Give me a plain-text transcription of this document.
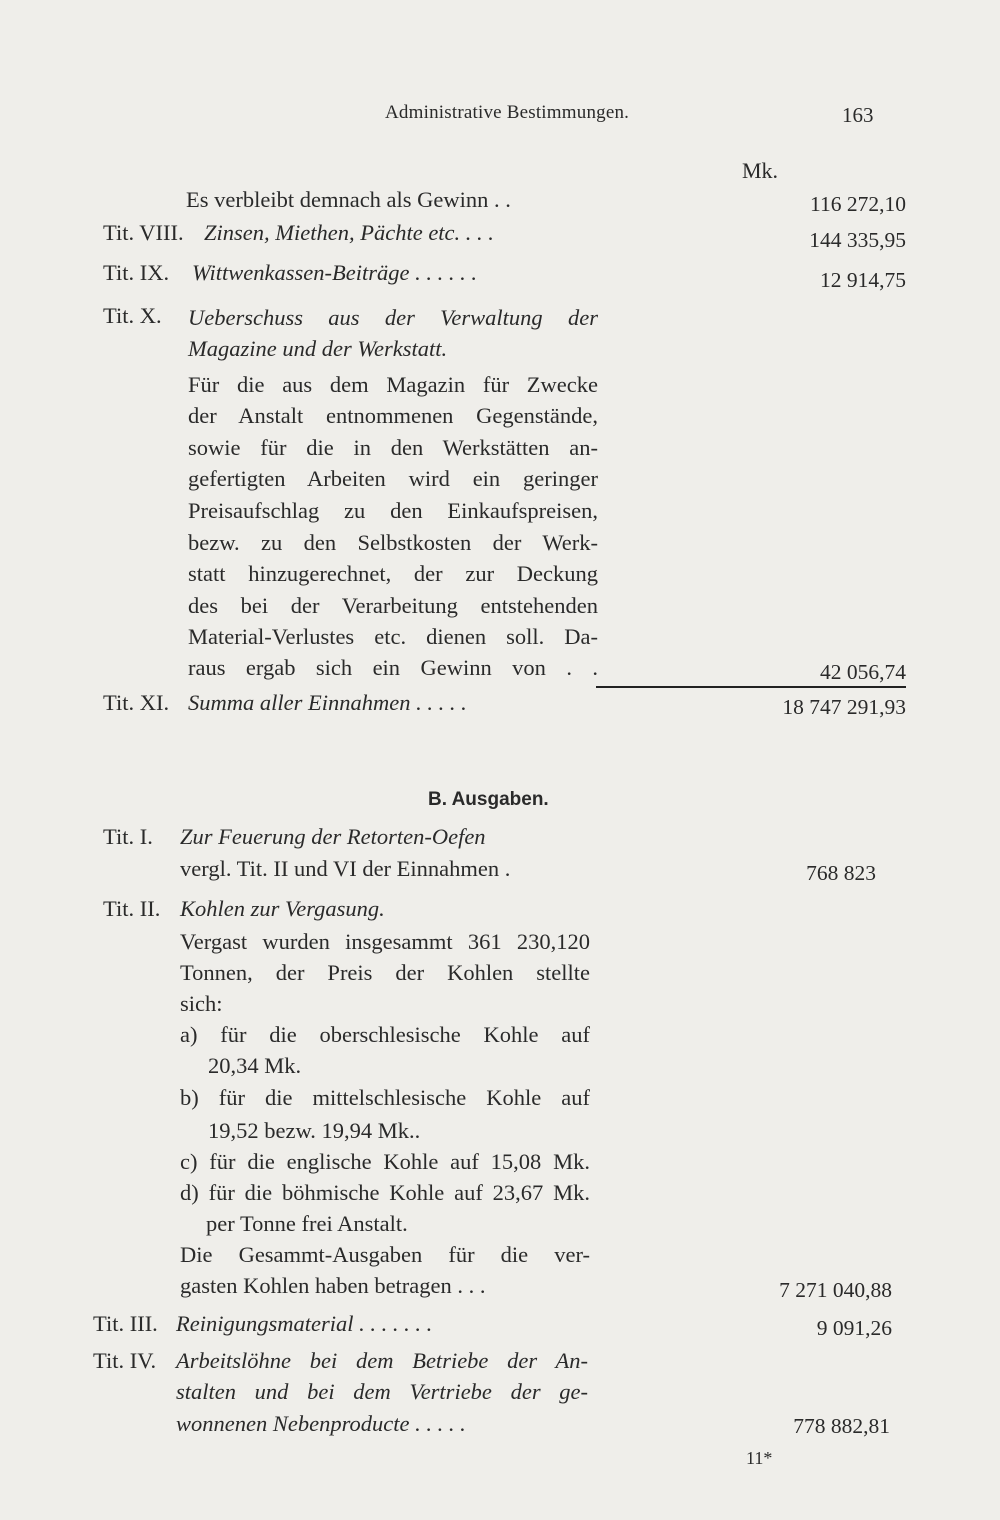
Administrative Bestimmungen.	163
Mk.
Es verbleibt demnach als Gewinn . .	116 272,10
Tit. VIII. Zinsen, Miethen, Pächte etc. . . .	144 335,95
Tit. IX. Wittwenkassen-Beiträge . . . . . .	12 914,75
Tit. X. Ueberschuss aus der Verwaltung der
Magazine und der Werkstatt.
Für die aus dem Magazin für Zwecke
der Anstalt entnommenen Gegenstände,
sowie für die in den Werkstätten an-
gefertigten Arbeiten wird ein geringer
Preisaufschlag zu den Einkaufspreisen,
bezw. zu den Selbstkosten der Werk-
statt hinzugerechnet, der zur Deckung
des bei der Verarbeitung entstehenden
Material-Verlustes etc. dienen soll. Da-
raus ergab sich ein Gewinn von . .	42 056,74
Tit. XI. Summa aller Einnahmen . . . . .	18 747 291,93
B. Ausgaben.
Tit. I. Zur Feuerung der Retorten-Oefen
vergl. Tit. II und VI der Einnahmen .	768 823
Tit. II. Kohlen zur Vergasung.
Vergast wurden insgesammt 361 230,120
Tonnen, der Preis der Kohlen stellte
sich:
a) für die oberschlesische Kohle auf
20,34 Mk.
b) für die mittelschlesische Kohle auf
19,52 bezw. 19,94 Mk..
c) für die englische Kohle auf 15,08 Mk.
d) für die böhmische Kohle auf 23,67 Mk.
per Tonne frei Anstalt.
Die Gesammt-Ausgaben für die ver-
gasten Kohlen haben betragen . . .	7 271 040,88
Tit. III. Reinigungsmaterial . . . . . . .	9 091,26
Tit. IV. Arbeitslöhne bei dem Betriebe der An-
stalten und bei dem Vertriebe der ge-
wonnenen Nebenproducte . . . . .	778 882,81
11*
